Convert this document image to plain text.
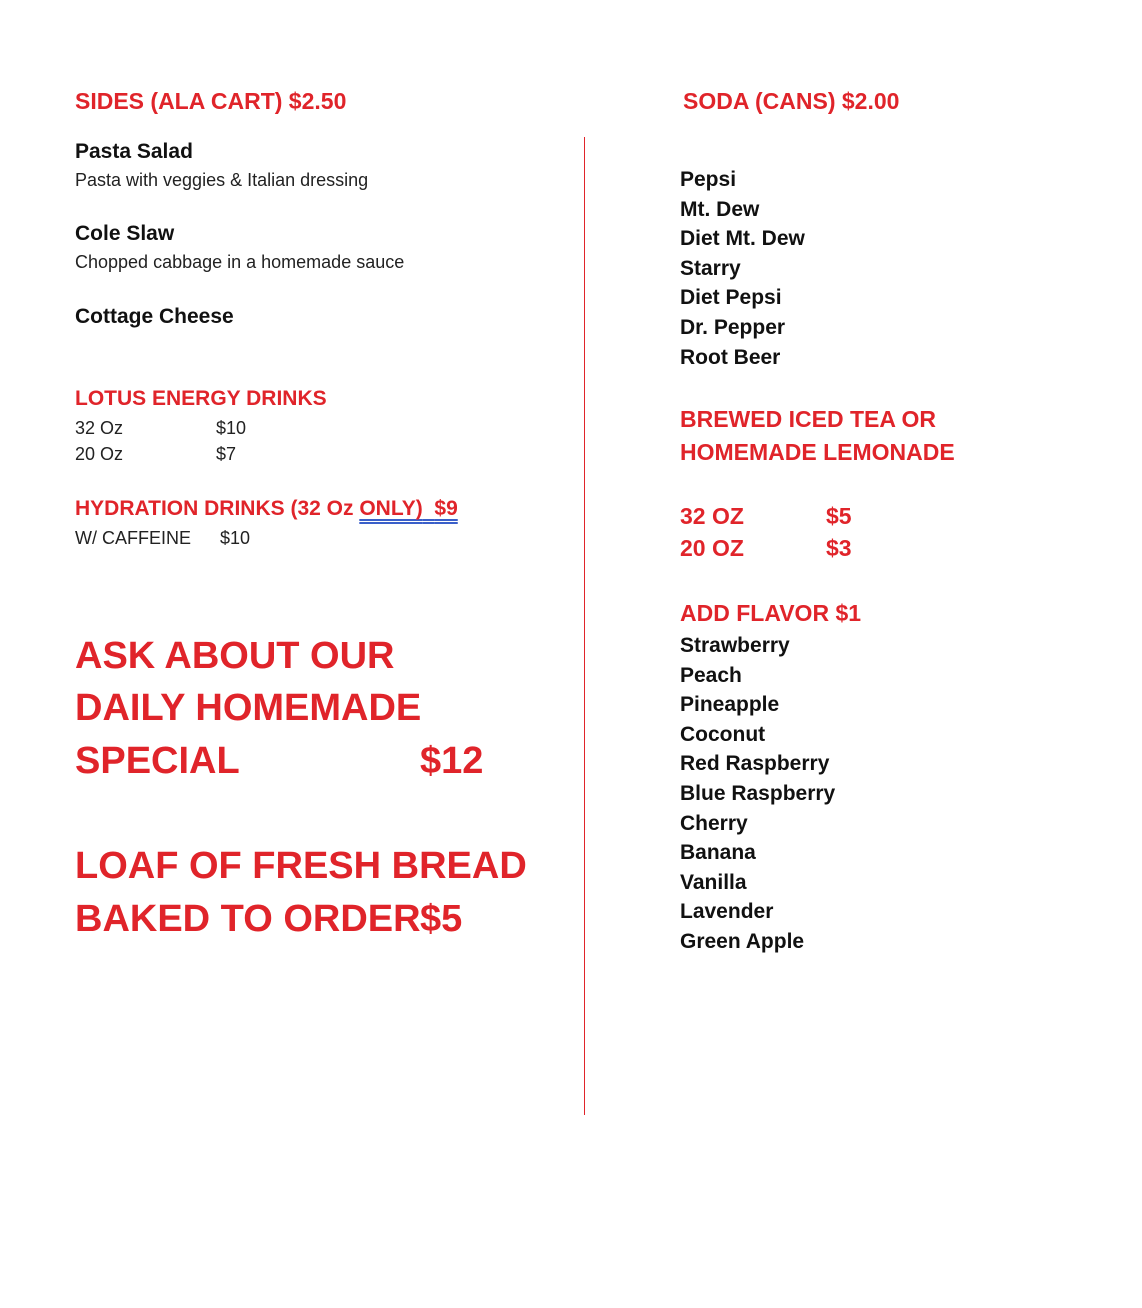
SIDES (ALA CART) $2.50
Pasta Salad
Pasta with veggies & Italian dressing
Cole Slaw
Chopped cabbage in a homemade sauce
Cottage Cheese
LOTUS ENERGY DRINKS
32 Oz	$10
20 Oz	$7
HYDRATION DRINKS (32 Oz ONLY) $9
W/ CAFFEINE $10
ASK ABOUT OUR
DAILY HOMEMADE
SPECIAL	$12
LOAF OF FRESH BREAD
BAKED TO ORDER $5
SODA (CANS) $2.00
Pepsi
Mt. Dew
Diet Mt. Dew
Starry
Diet Pepsi
Dr. Pepper
Root Beer
BREWED ICED TEA OR
HOMEMADE LEMONADE
32 OZ	$5
20 OZ	$3
ADD FLAVOR $1
Strawberry
Peach
Pineapple
Coconut
Red Raspberry
Blue Raspberry
Cherry
Banana
Vanilla
Lavender
Green Apple
